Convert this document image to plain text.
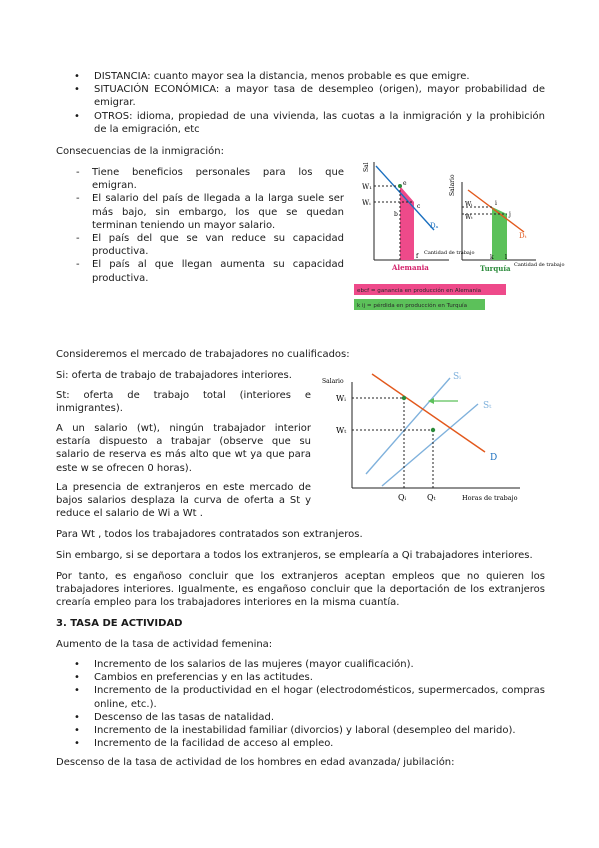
• DISTANCIA: cuanto mayor sea la distancia, menos probable es que emigre.
• SITUACIÓN ECONÓMICA: a mayor tasa de desempleo (origen), mayor probabilidad de emigrar.
• OTROS: idioma, propiedad de una vivienda, las cuotas a la inmigración y la prohibición de la emigración, etc
Consecuencias de la inmigración:
- Tiene beneficios personales para los que emigran.
- El salario del país de llegada a la larga suele ser más bajo, sin embargo, los que se quedan terminan teniendo un mayor salario.
- El país del que se van reduce su capacidad productiva.
- El país al que llegan aumenta su capacidad productiva.
Sal
W₁
Wᵢ
e
b
c
f
Dₐ
Cantidad de trabajo
Alemania
Salario
Wᵢ
Wₜ
i
j
k l
Dₜ
Cantidad de trabajo
Turquía
ebcf = ganancia en producción en Alemania
k ij = pérdida en producción en Turquía
Consideremos el mercado de trabajadores no cualificados:
Si: oferta de trabajo de trabajadores interiores.
St: oferta de trabajo total (interiores e inmigrantes).
A un salario (wt), ningún trabajador interior estaría dispuesto a trabajar (observe que su salario de reserva es más alto que wt ya que para este w se ofrecen 0 horas).
La presencia de extranjeros en este mercado de bajos salarios desplaza la curva de oferta a St y reduce el salario de Wi a Wt .
Salario
Wᵢ
Wₜ
Sᵢ
Sₜ
D
Qᵢ	Qₜ	Horas de trabajo
Para Wt , todos los trabajadores contratados son extranjeros.
Sin embargo, si se deportara a todos los extranjeros, se emplearía a Qi trabajadores interiores.
Por tanto, es engañoso concluir que los extranjeros aceptan empleos que no quieren los trabajadores interiores. Igualmente, es engañoso concluir que la deportación de los extranjeros crearía empleo para los trabajadores interiores en la misma cuantía.
3. TASA DE ACTIVIDAD
Aumento de la tasa de actividad femenina:
• Incremento de los salarios de las mujeres (mayor cualificación).
• Cambios en preferencias y en las actitudes.
• Incremento de la productividad en el hogar (electrodomésticos, supermercados, compras online, etc.).
• Descenso de las tasas de natalidad.
• Incremento de la inestabilidad familiar (divorcios) y laboral (desempleo del marido).
• Incremento de la facilidad de acceso al empleo.
Descenso de la tasa de actividad de los hombres en edad avanzada/ jubilación:
